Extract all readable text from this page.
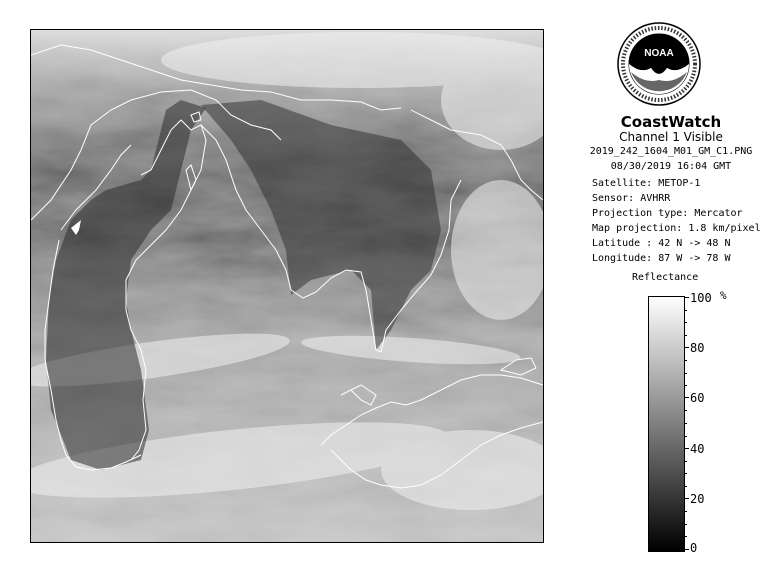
NOAA
CoastWatch
Channel 1 Visible
2019_242_1604_M01_GM_C1.PNG
08/30/2019 16:04 GMT
Satellite: METOP-1
Sensor: AVHRR
Projection type: Mercator
Map projection: 1.8 km/pixel
Latitude : 42 N -> 48 N
Longitude: 87 W -> 78 W
Reflectance
%
100
80
60
40
20
0
